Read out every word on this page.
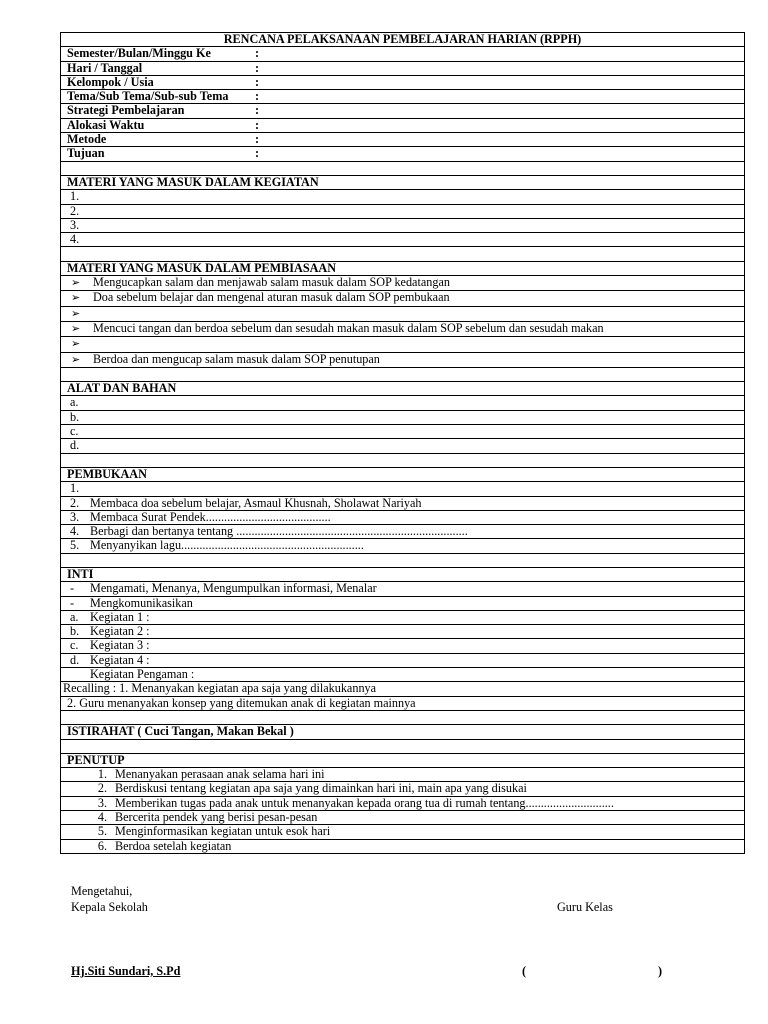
RENCANA PELAKSANAAN PEMBELAJARAN HARIAN (RPPH)
Semester/Bulan/Minggu Ke	:
Hari / Tanggal	:
Kelompok / Usia	:
Tema/Sub Tema/Sub-sub Tema :
Strategi Pembelajaran	:
Alokasi Waktu	:
Metode	:
Tujuan	:

MATERI YANG MASUK DALAM KEGIATAN
1.
2.
3.
4.

MATERI YANG MASUK DALAM PEMBIASAAN
➢ Mengucapkan salam dan menjawab salam masuk dalam SOP kedatangan
➢ Doa sebelum belajar dan mengenal aturan masuk dalam SOP pembukaan
➢
➢ Mencuci tangan dan berdoa sebelum dan sesudah makan masuk dalam SOP sebelum dan sesudah makan
➢
➢ Berdoa dan mengucap salam masuk dalam SOP penutupan

ALAT DAN BAHAN
a.
b.
c.
d.

PEMBUKAAN
1.
2. Membaca doa sebelum belajar, Asmaul Khusnah, Sholawat Nariyah
3. Membaca Surat Pendek.........................................
4. Berbagi dan bertanya tentang ............................................................................
5. Menyanyikan lagu............................................................

INTI
- Mengamati, Menanya, Mengumpulkan informasi, Menalar
- Mengkomunikasikan
a. Kegiatan 1 :
b. Kegiatan 2 :
c. Kegiatan 3 :
d. Kegiatan 4 :
Kegiatan Pengaman :
Recalling : 1. Menanyakan kegiatan apa saja yang dilakukannya
2. Guru menanyakan konsep yang ditemukan anak di kegiatan mainnya

ISTIRAHAT ( Cuci Tangan, Makan Bekal )

PENUTUP
1. Menanyakan perasaan anak selama hari ini
2. Berdiskusi tentang kegiatan apa saja yang dimainkan hari ini, main apa yang disukai
3. Memberikan tugas pada anak untuk menanyakan kepada orang tua di rumah tentang.............................
4. Bercerita pendek yang berisi pesan-pesan
5. Menginformasikan kegiatan untuk esok hari
6. Berdoa setelah kegiatan
Mengetahui,
Kepala Sekolah	Guru Kelas
Hj.Siti Sundari, S.Pd	(	)
